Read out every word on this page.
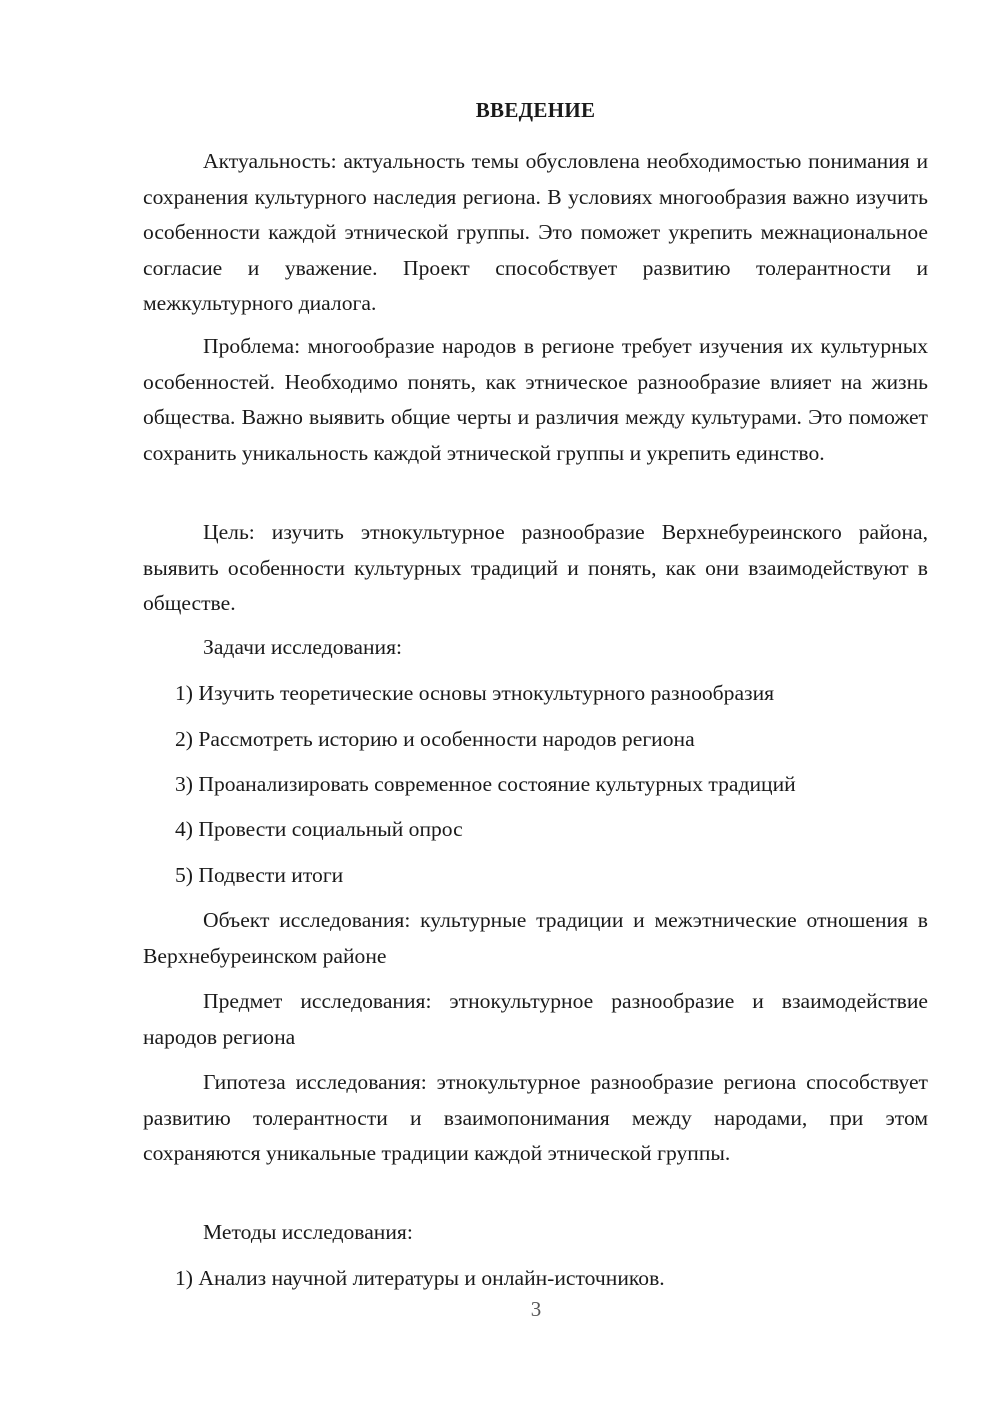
ВВЕДЕНИЕ

Актуальность: актуальность темы обусловлена необходимостью понимания и сохранения культурного наследия региона. В условиях многообразия важно изучить особенности каждой этнической группы. Это поможет укрепить межнациональное согласие и уважение. Проект способствует развитию толерантности и межкультурного диалога.

Проблема: многообразие народов в регионе требует изучения их культурных особенностей. Необходимо понять, как этническое разнообразие влияет на жизнь общества. Важно выявить общие черты и различия между культурами. Это поможет сохранить уникальность каждой этнической группы и укрепить единство.

Цель: изучить этнокультурное разнообразие Верхнебуреинского района, выявить особенности культурных традиций и понять, как они взаимодействуют в обществе.

Задачи исследования:
1) Изучить теоретические основы этнокультурного разнообразия
2) Рассмотреть историю и особенности народов региона
3) Проанализировать современное состояние культурных традиций
4) Провести социальный опрос
5) Подвести итоги

Объект исследования: культурные традиции и межэтнические отношения в Верхнебуреинском районе

Предмет исследования: этнокультурное разнообразие и взаимодействие народов региона

Гипотеза исследования: этнокультурное разнообразие региона способствует развитию толерантности и взаимопонимания между народами, при этом сохраняются уникальные традиции каждой этнической группы.

Методы исследования:
1) Анализ научной литературы и онлайн-источников.
3
